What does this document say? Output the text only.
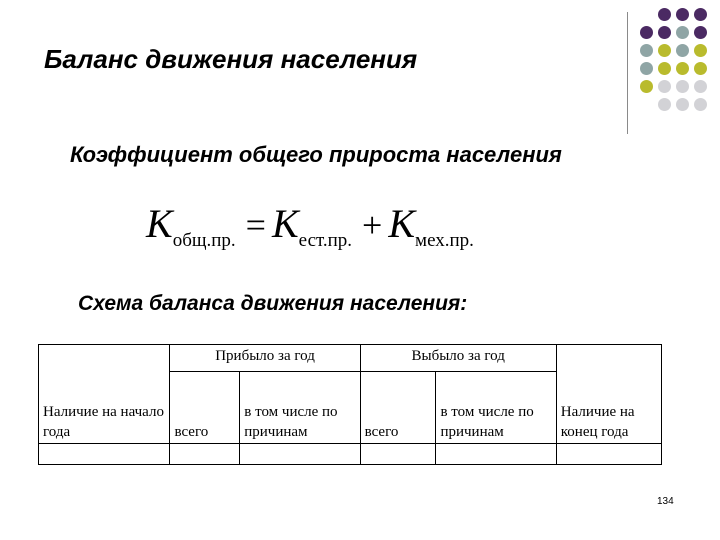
Баланс движения населения
Коэффициент общего прироста населения
Kобщ.пр. = Kест.пр. + Kмех.пр.
Схема баланса движения населения:
Наличие на начало года	Прибыло за год		Выбыло за год		Наличие на конец года
	всего	в том числе по причинам	всего	в том числе по причинам	

134
